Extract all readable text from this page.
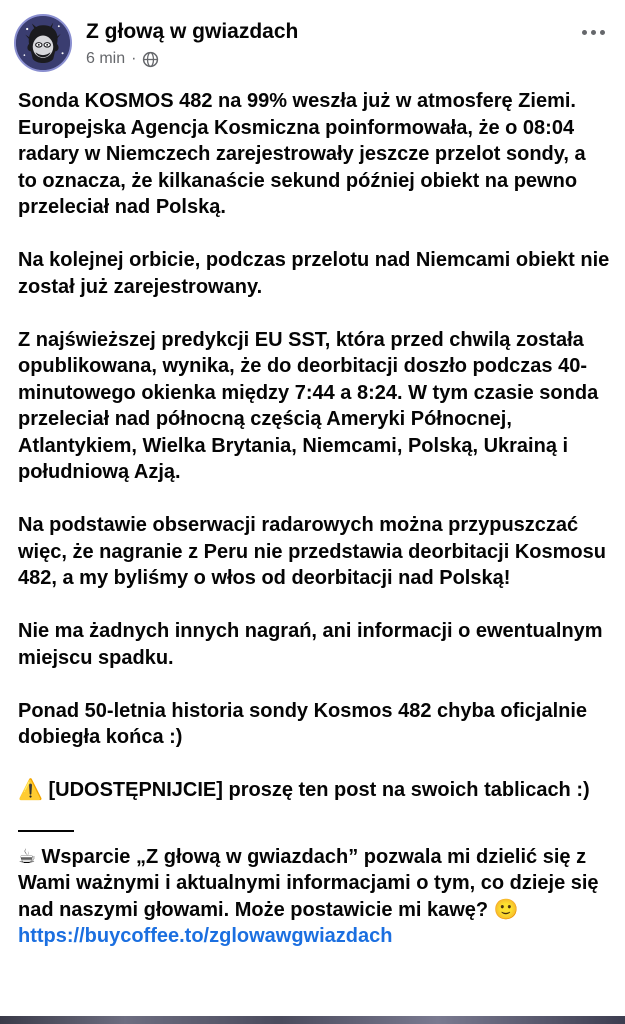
Z głową w gwiazdach
6 min ·

Sonda KOSMOS 482 na 99% weszła już w atmosferę Ziemi. Europejska Agencja Kosmiczna poinformowała, że o 08:04 radary w Niemczech zarejestrowały jeszcze przelot sondy, a to oznacza, że kilkanaście sekund później obiekt na pewno przeleciał nad Polską.

Na kolejnej orbicie, podczas przelotu nad Niemcami obiekt nie został już zarejestrowany.

Z najświeższej predykcji EU SST, która przed chwilą została opublikowana, wynika, że do deorbitacji doszło podczas 40-minutowego okienka między 7:44 a 8:24. W tym czasie sonda przeleciał nad północną częścią Ameryki Północnej, Atlantykiem, Wielka Brytania, Niemcami, Polską, Ukrainą i południową Azją.

Na podstawie obserwacji radarowych można przypuszczać więc, że nagranie z Peru nie przedstawia deorbitacji Kosmosu 482, a my byliśmy o włos od deorbitacji nad Polską!

Nie ma żadnych innych nagrań, ani informacji o ewentualnym miejscu spadku.

Ponad 50-letnia historia sondy Kosmos 482 chyba oficjalnie dobiegła końca :)

⚠️ [UDOSTĘPNIJCIE] proszę ten post na swoich tablicach :)

☕ Wsparcie „Z głową w gwiazdach” pozwala mi dzielić się z Wami ważnymi i aktualnymi informacjami o tym, co dzieje się nad naszymi głowami. Może postawicie mi kawę? 🙂

https://buycoffee.to/zglowawgwiazdach
